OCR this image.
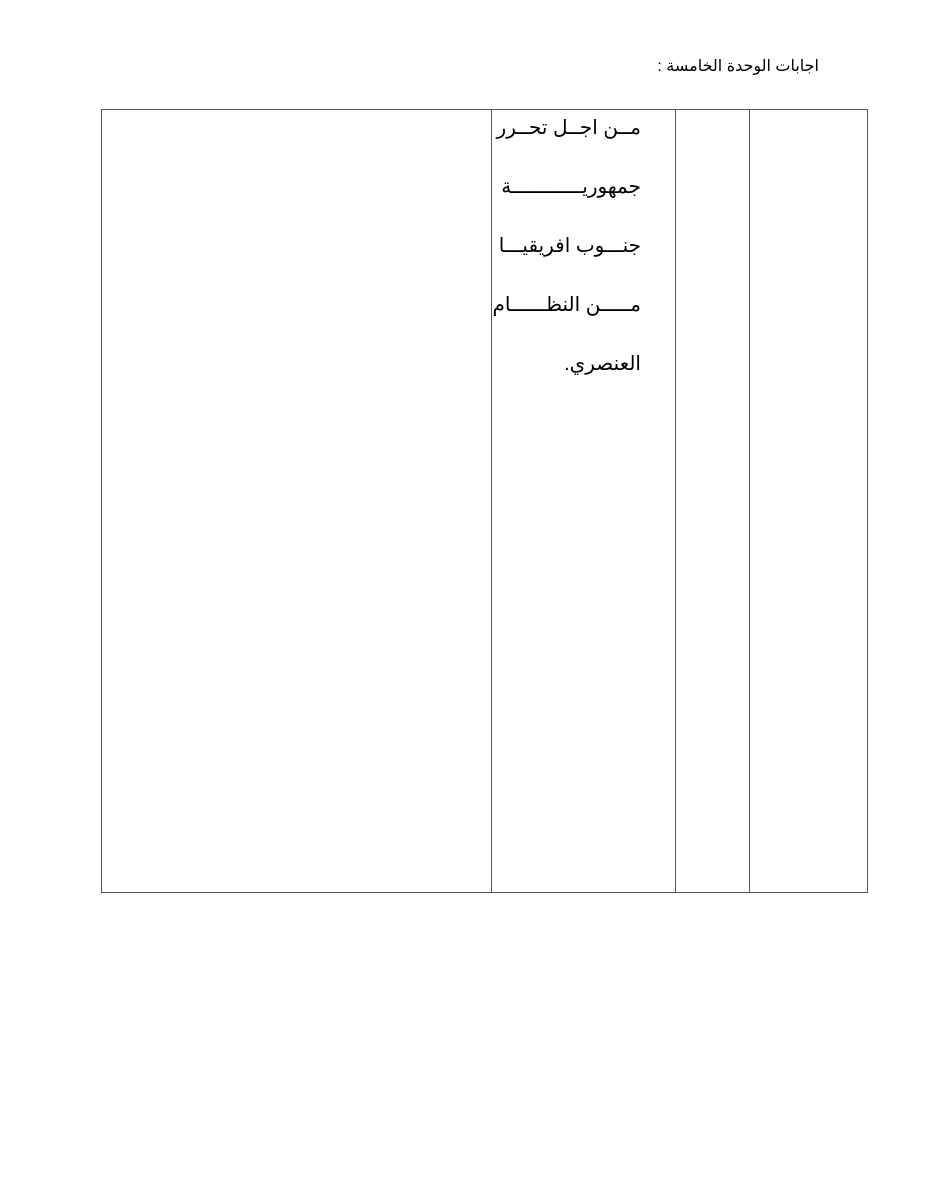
اجابات الوحدة الخامسة :
مــن اجــل تحــرر
جمهوريــــــــــــة
جنـــوب افريقيـــا
مـــــن النظــــــام
العنصري.
